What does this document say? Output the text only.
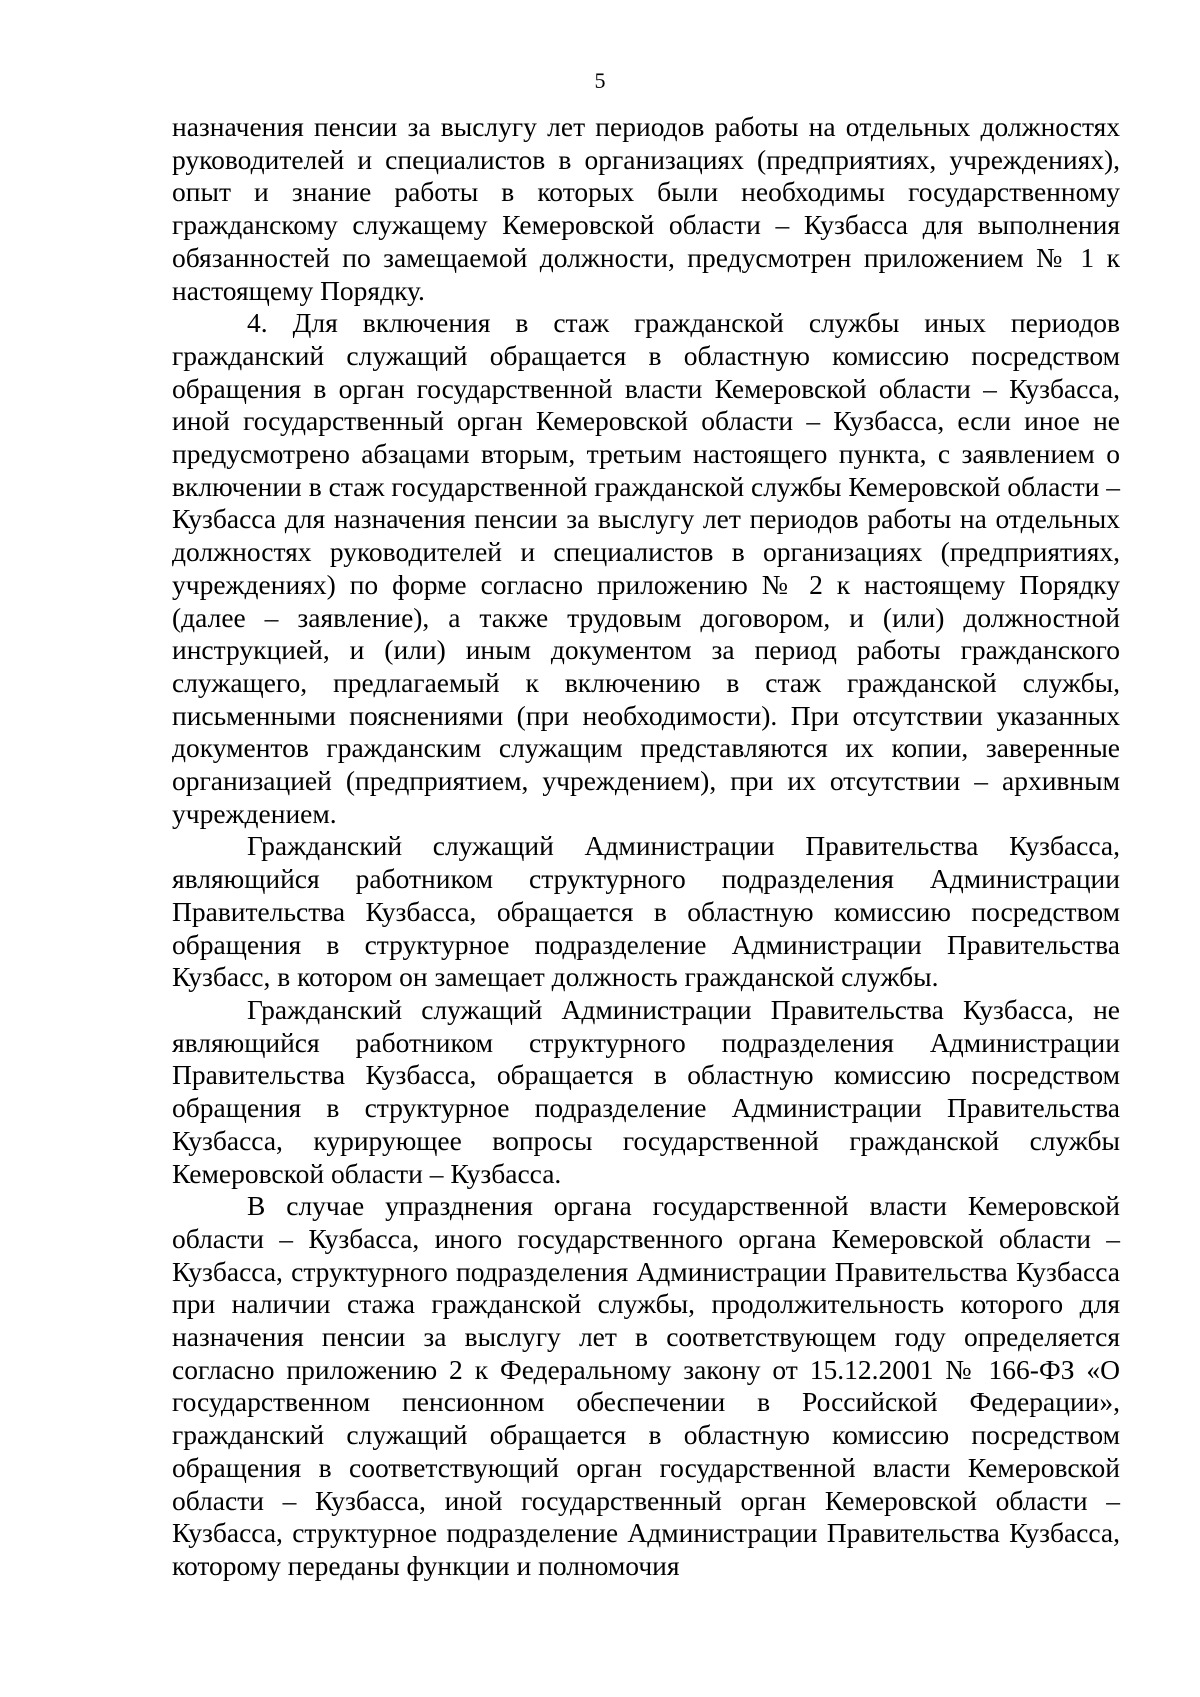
5

назначения пенсии за выслугу лет периодов работы на отдельных должностях руководителей и специалистов в организациях (предприятиях, учреждениях), опыт и знание работы в которых были необходимы государственному гражданскому служащему Кемеровской области – Кузбасса для выполнения обязанностей по замещаемой должности, предусмотрен приложением № 1 к настоящему Порядку.

4. Для включения в стаж гражданской службы иных периодов гражданский служащий обращается в областную комиссию посредством обращения в орган государственной власти Кемеровской области – Кузбасса, иной государственный орган Кемеровской области – Кузбасса, если иное не предусмотрено абзацами вторым, третьим настоящего пункта, с заявлением о включении в стаж государственной гражданской службы Кемеровской области – Кузбасса для назначения пенсии за выслугу лет периодов работы на отдельных должностях руководителей и специалистов в организациях (предприятиях, учреждениях) по форме согласно приложению № 2 к настоящему Порядку (далее – заявление), а также трудовым договором, и (или) должностной инструкцией, и (или) иным документом за период работы гражданского служащего, предлагаемый к включению в стаж гражданской службы, письменными пояснениями (при необходимости). При отсутствии указанных документов гражданским служащим представляются их копии, заверенные организацией (предприятием, учреждением), при их отсутствии – архивным учреждением.

Гражданский служащий Администрации Правительства Кузбасса, являющийся работником структурного подразделения Администрации Правительства Кузбасса, обращается в областную комиссию посредством обращения в структурное подразделение Администрации Правительства Кузбасс, в котором он замещает должность гражданской службы.

Гражданский служащий Администрации Правительства Кузбасса, не являющийся работником структурного подразделения Администрации Правительства Кузбасса, обращается в областную комиссию посредством обращения в структурное подразделение Администрации Правительства Кузбасса, курирующее вопросы государственной гражданской службы Кемеровской области – Кузбасса.

В случае упразднения органа государственной власти Кемеровской области – Кузбасса, иного государственного органа Кемеровской области – Кузбасса, структурного подразделения Администрации Правительства Кузбасса при наличии стажа гражданской службы, продолжительность которого для назначения пенсии за выслугу лет в соответствующем году определяется согласно приложению 2 к Федеральному закону от 15.12.2001 № 166-ФЗ «О государственном пенсионном обеспечении в Российской Федерации», гражданский служащий обращается в областную комиссию посредством обращения в соответствующий орган государственной власти Кемеровской области – Кузбасса, иной государственный орган Кемеровской области – Кузбасса, структурное подразделение Администрации Правительства Кузбасса, которому переданы функции и полномочия
